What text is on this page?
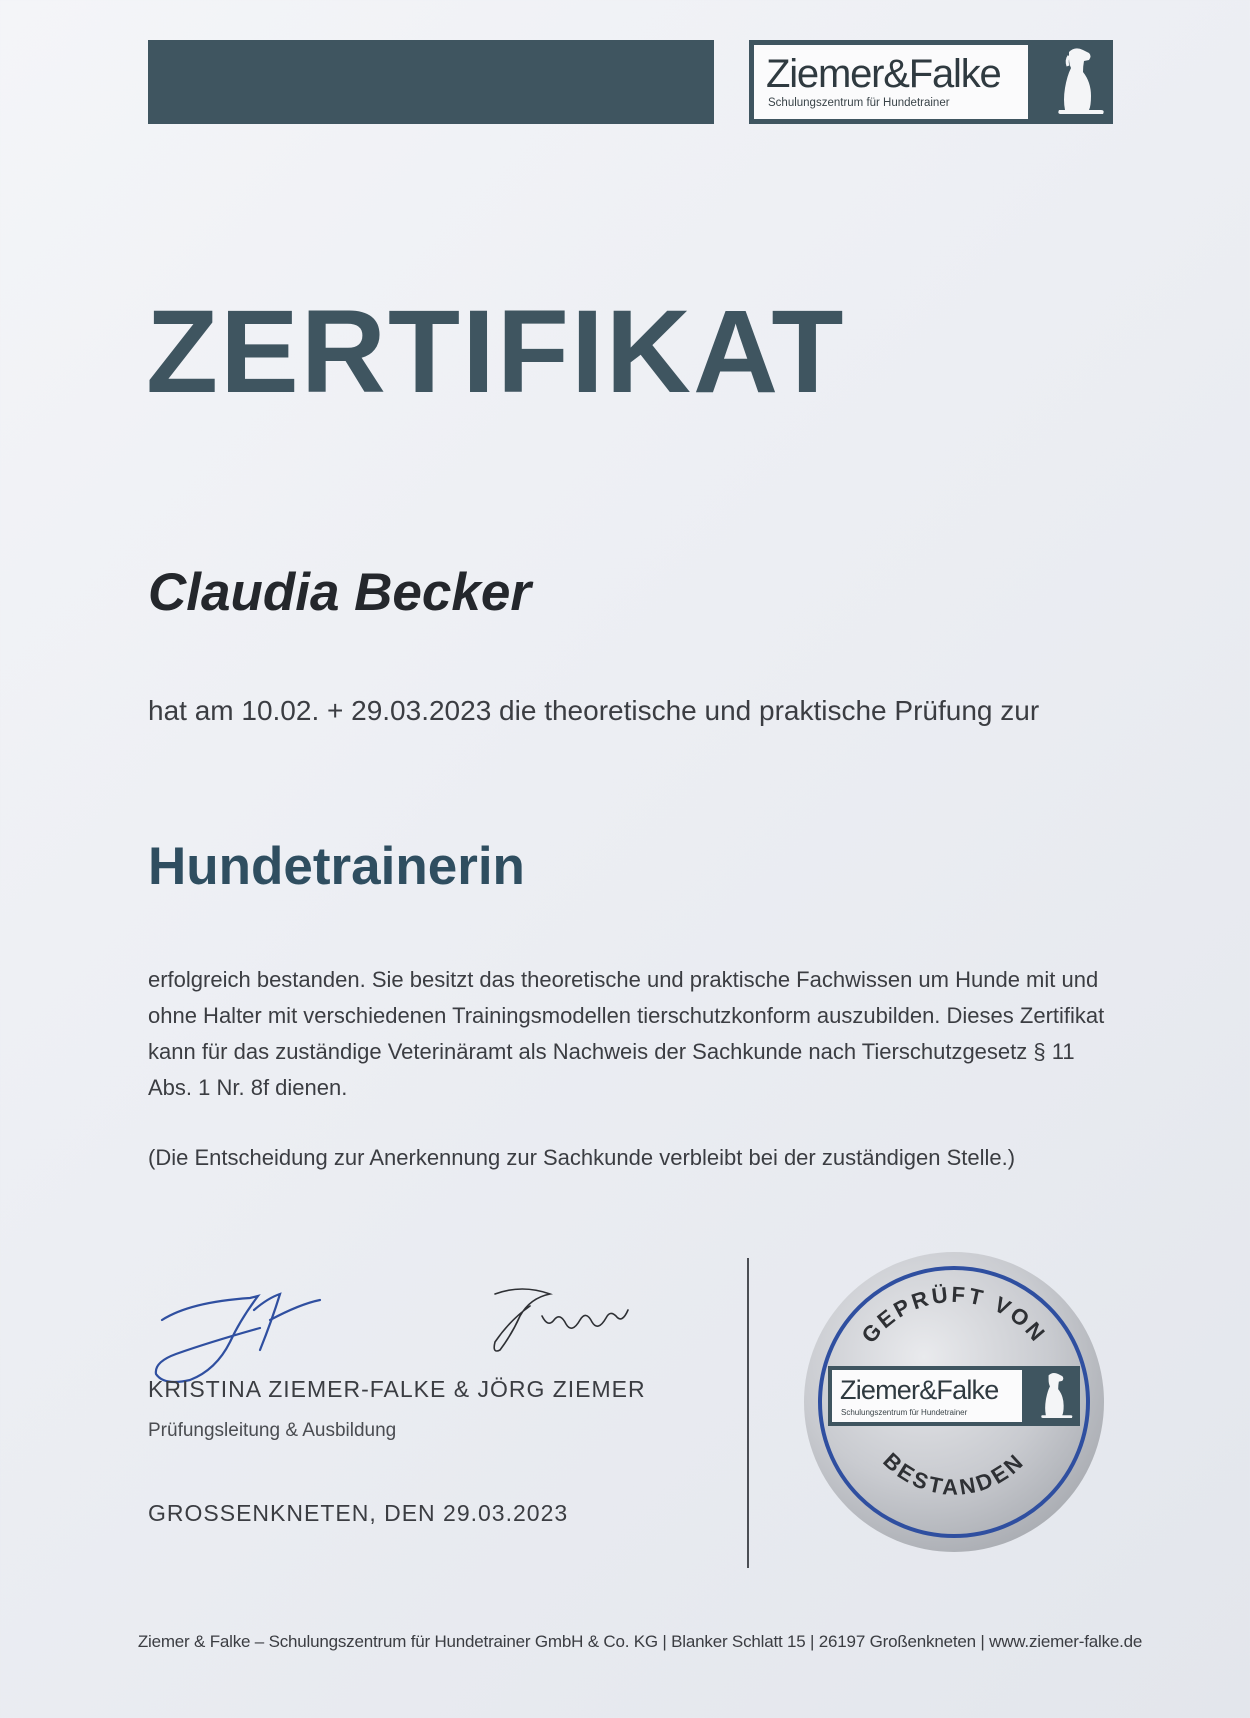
Ziemer&Falke
Schulungszentrum für Hundetrainer
ZERTIFIKAT
Claudia Becker
hat am 10.02. + 29.03.2023 die theoretische und praktische Prüfung zur
Hundetrainerin
erfolgreich bestanden. Sie besitzt das theoretische und praktische Fachwissen um Hunde mit und ohne Halter mit verschiedenen Trainingsmodellen tierschutzkonform auszubilden. Dieses Zertifikat kann für das zuständige Veterinäramt als Nachweis der Sachkunde nach Tierschutzgesetz § 11 Abs. 1 Nr. 8f dienen.
(Die Entscheidung zur Anerkennung zur Sachkunde verbleibt bei der zuständigen Stelle.)
KRISTINA ZIEMER-FALKE & JÖRG ZIEMER
Prüfungsleitung & Ausbildung
GROSSENKNETEN, DEN 29.03.2023
GEPRÜFT VON
BESTANDEN
Ziemer&Falke
Schulungszentrum für Hundetrainer
Ziemer & Falke – Schulungszentrum für Hundetrainer GmbH & Co. KG | Blanker Schlatt 15 | 26197 Großenkneten | www.ziemer-falke.de
